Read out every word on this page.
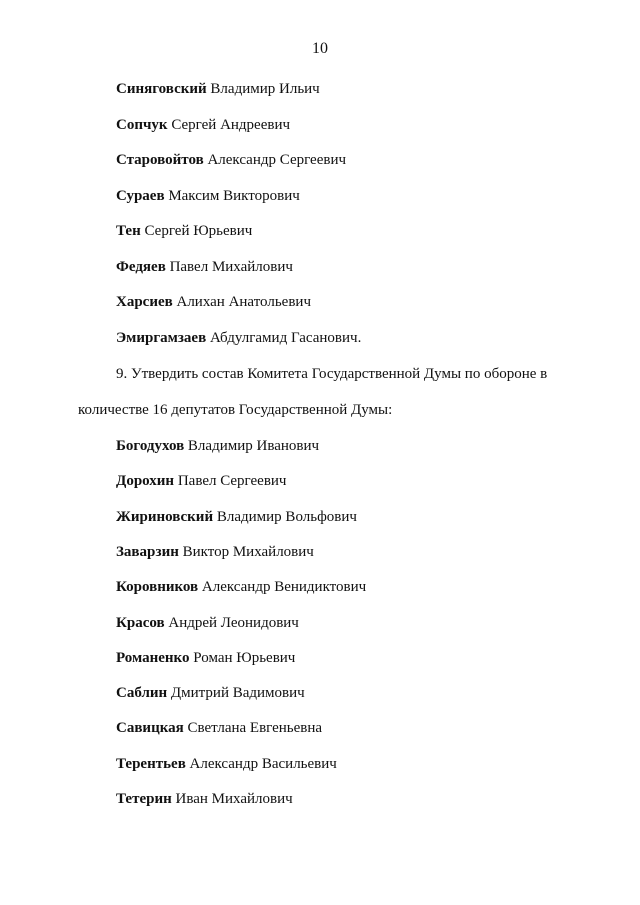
10
Синяговский Владимир Ильич
Сопчук Сергей Андреевич
Старовойтов Александр Сергеевич
Сураев Максим Викторович
Тен Сергей Юрьевич
Федяев Павел Михайлович
Харсиев Алихан Анатольевич
Эмиргамзаев Абдулгамид Гасанович.
9. Утвердить состав Комитета Государственной Думы по обороне в
количестве 16 депутатов Государственной Думы:
Богодухов Владимир Иванович
Дорохин Павел Сергеевич
Жириновский Владимир Вольфович
Заварзин Виктор Михайлович
Коровников Александр Венидиктович
Красов Андрей Леонидович
Романенко Роман Юрьевич
Саблин Дмитрий Вадимович
Савицкая Светлана Евгеньевна
Терентьев Александр Васильевич
Тетерин Иван Михайлович
